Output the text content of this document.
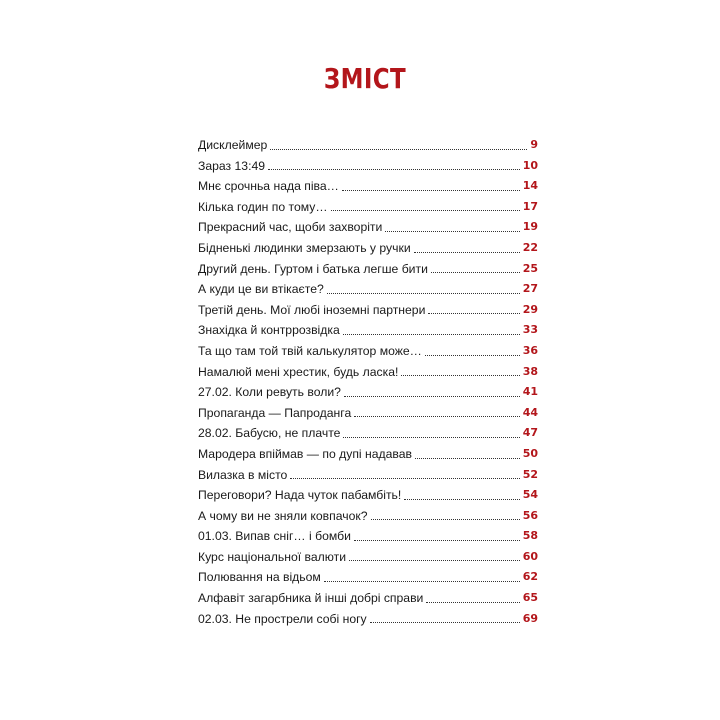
ЗМІСТ
Дисклеймер	9
Зараз 13:49	10
Мнє срочньа нада піва…	14
Кілька годин по тому…	17
Прекрасний час, щоби захворіти	19
Бідненькі людинки змерзають у ручки	22
Другий день. Гуртом і батька легше бити	25
А куди це ви втікаєте?	27
Третій день. Мої любі іноземні партнери	29
Знахідка й контррозвідка	33
Та що там той твій калькулятор може…	36
Намалюй мені хрестик, будь ласка!	38
27.02. Коли ревуть воли?	41
Пропаганда — Папроданга	44
28.02. Бабусю, не плачте	47
Мародера впіймав — по дупі надавав	50
Вилазка в місто	52
Переговори? Нада чуток пабамбіть!	54
А чому ви не зняли ковпачок?	56
01.03. Випав сніг… і бомби	58
Курс національної валюти	60
Полювання на відьом	62
Алфавіт загарбника й інші добрі справи	65
02.03. Не прострели собі ногу	69
